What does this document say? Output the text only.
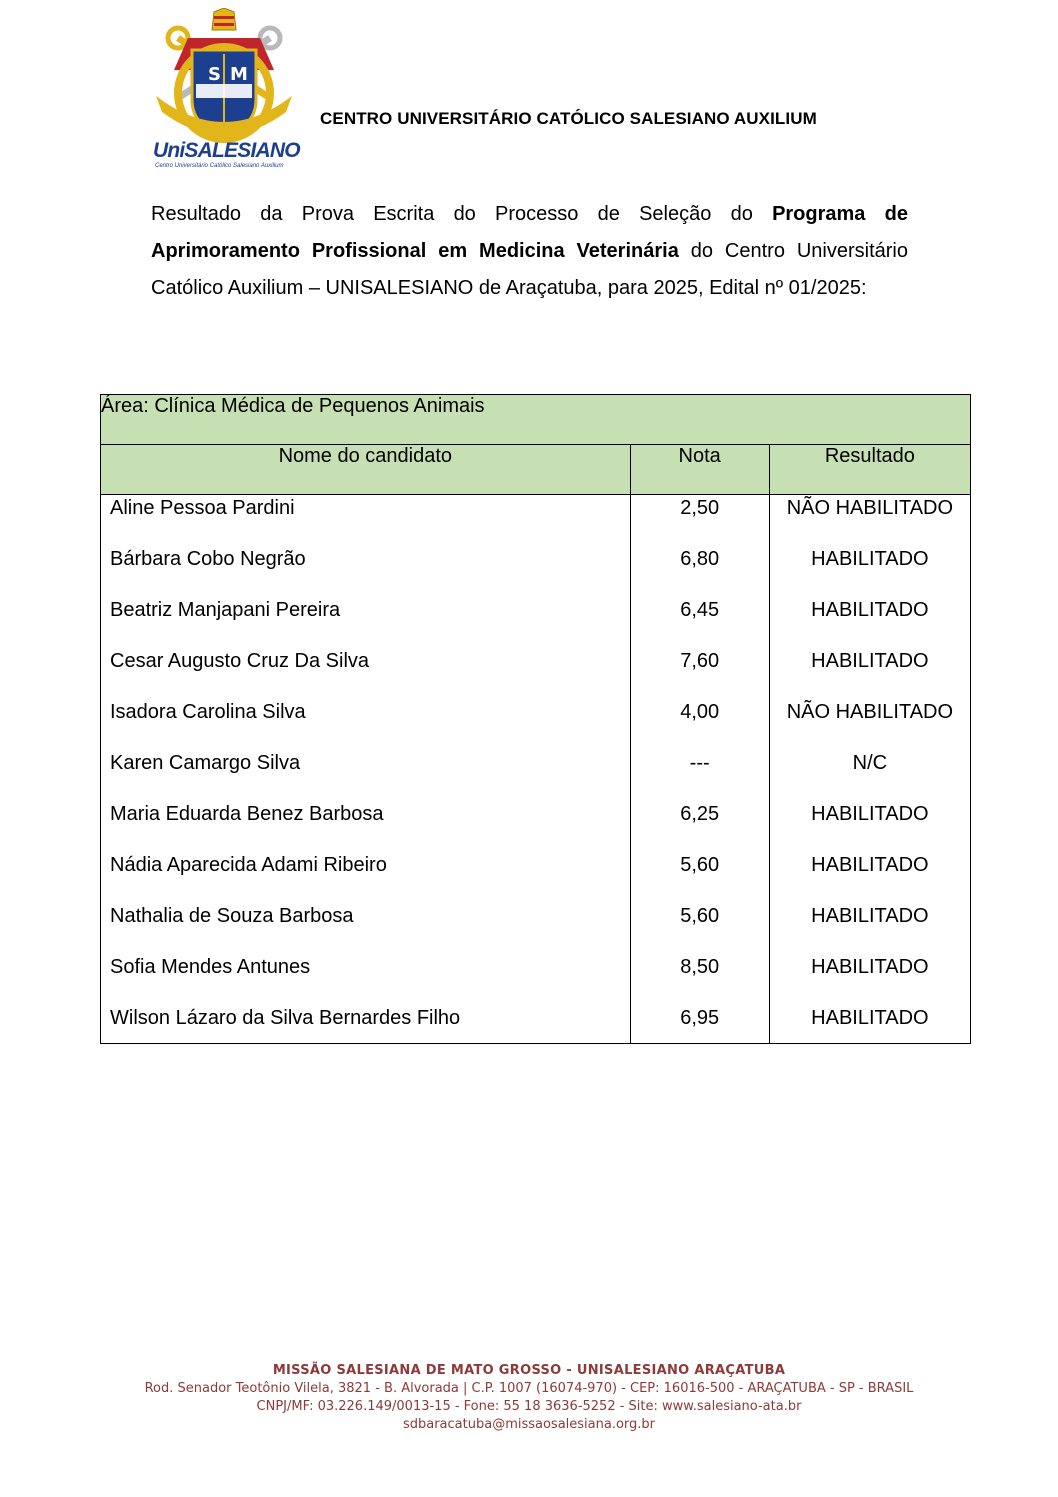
S M
UniSALESIANO
Centro Universitário Católico Salesiano Auxilium
CENTRO UNIVERSITÁRIO CATÓLICO SALESIANO AUXILIUM

Resultado da Prova Escrita do Processo de Seleção do Programa de Aprimoramento Profissional em Medicina Veterinária do Centro Universitário Católico Auxilium – UNISALESIANO de Araçatuba, para 2025, Edital nº 01/2025:

Área: Clínica Médica de Pequenos Animais		
Nome do candidato	Nota	Resultado
Aline Pessoa Pardini	2,50	NÃO HABILITADO
Bárbara Cobo Negrão	6,80	HABILITADO
Beatriz Manjapani Pereira	6,45	HABILITADO
Cesar Augusto Cruz Da Silva	7,60	HABILITADO
Isadora Carolina Silva	4,00	NÃO HABILITADO
Karen Camargo Silva	---	N/C
Maria Eduarda Benez Barbosa	6,25	HABILITADO
Nádia Aparecida Adami Ribeiro	5,60	HABILITADO
Nathalia de Souza Barbosa	5,60	HABILITADO
Sofia Mendes Antunes	8,50	HABILITADO
Wilson Lázaro da Silva Bernardes Filho	6,95	HABILITADO
MISSÃO SALESIANA DE MATO GROSSO - UNISALESIANO ARAÇATUBA
Rod. Senador Teotônio Vilela, 3821 - B. Alvorada | C.P. 1007 (16074-970) - CEP: 16016-500 - ARAÇATUBA - SP - BRASIL
CNPJ/MF: 03.226.149/0013-15 - Fone: 55 18 3636-5252 - Site: www.salesiano-ata.br
sdbaracatuba@missaosalesiana.org.br
